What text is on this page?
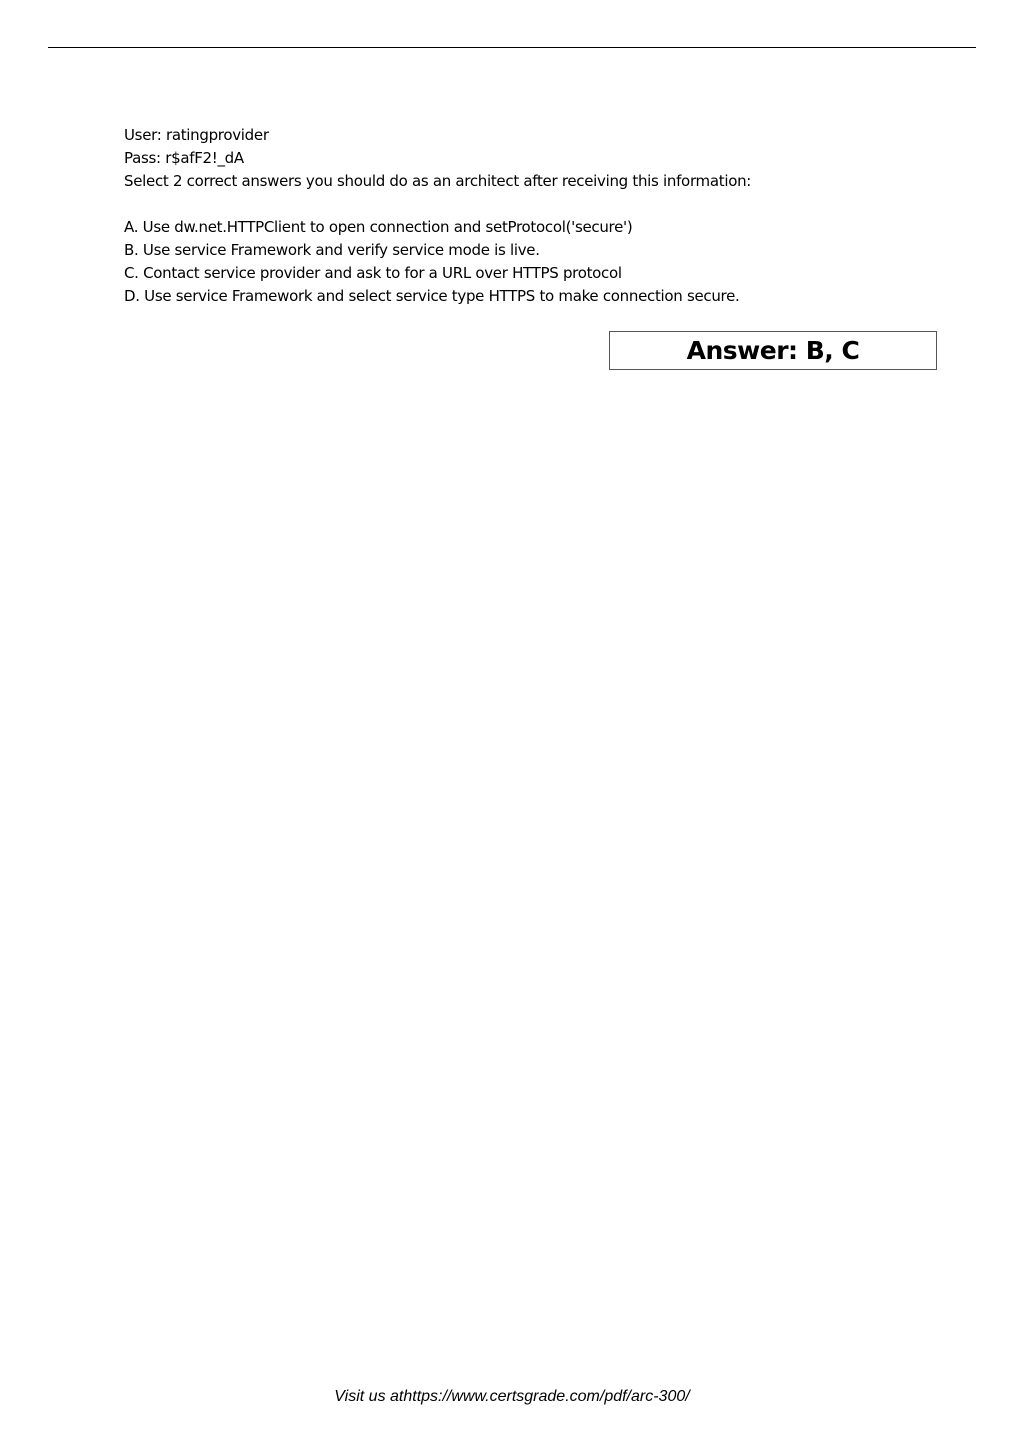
User: ratingprovider
Pass: r$afF2!_dA
Select 2 correct answers you should do as an architect after receiving this information:
A. Use dw.net.HTTPClient to open connection and setProtocol('secure')
B. Use service Framework and verify service mode is live.
C. Contact service provider and ask to for a URL over HTTPS protocol
D. Use service Framework and select service type HTTPS to make connection secure.
Answer: B, C
Visit us athttps://www.certsgrade.com/pdf/arc-300/
